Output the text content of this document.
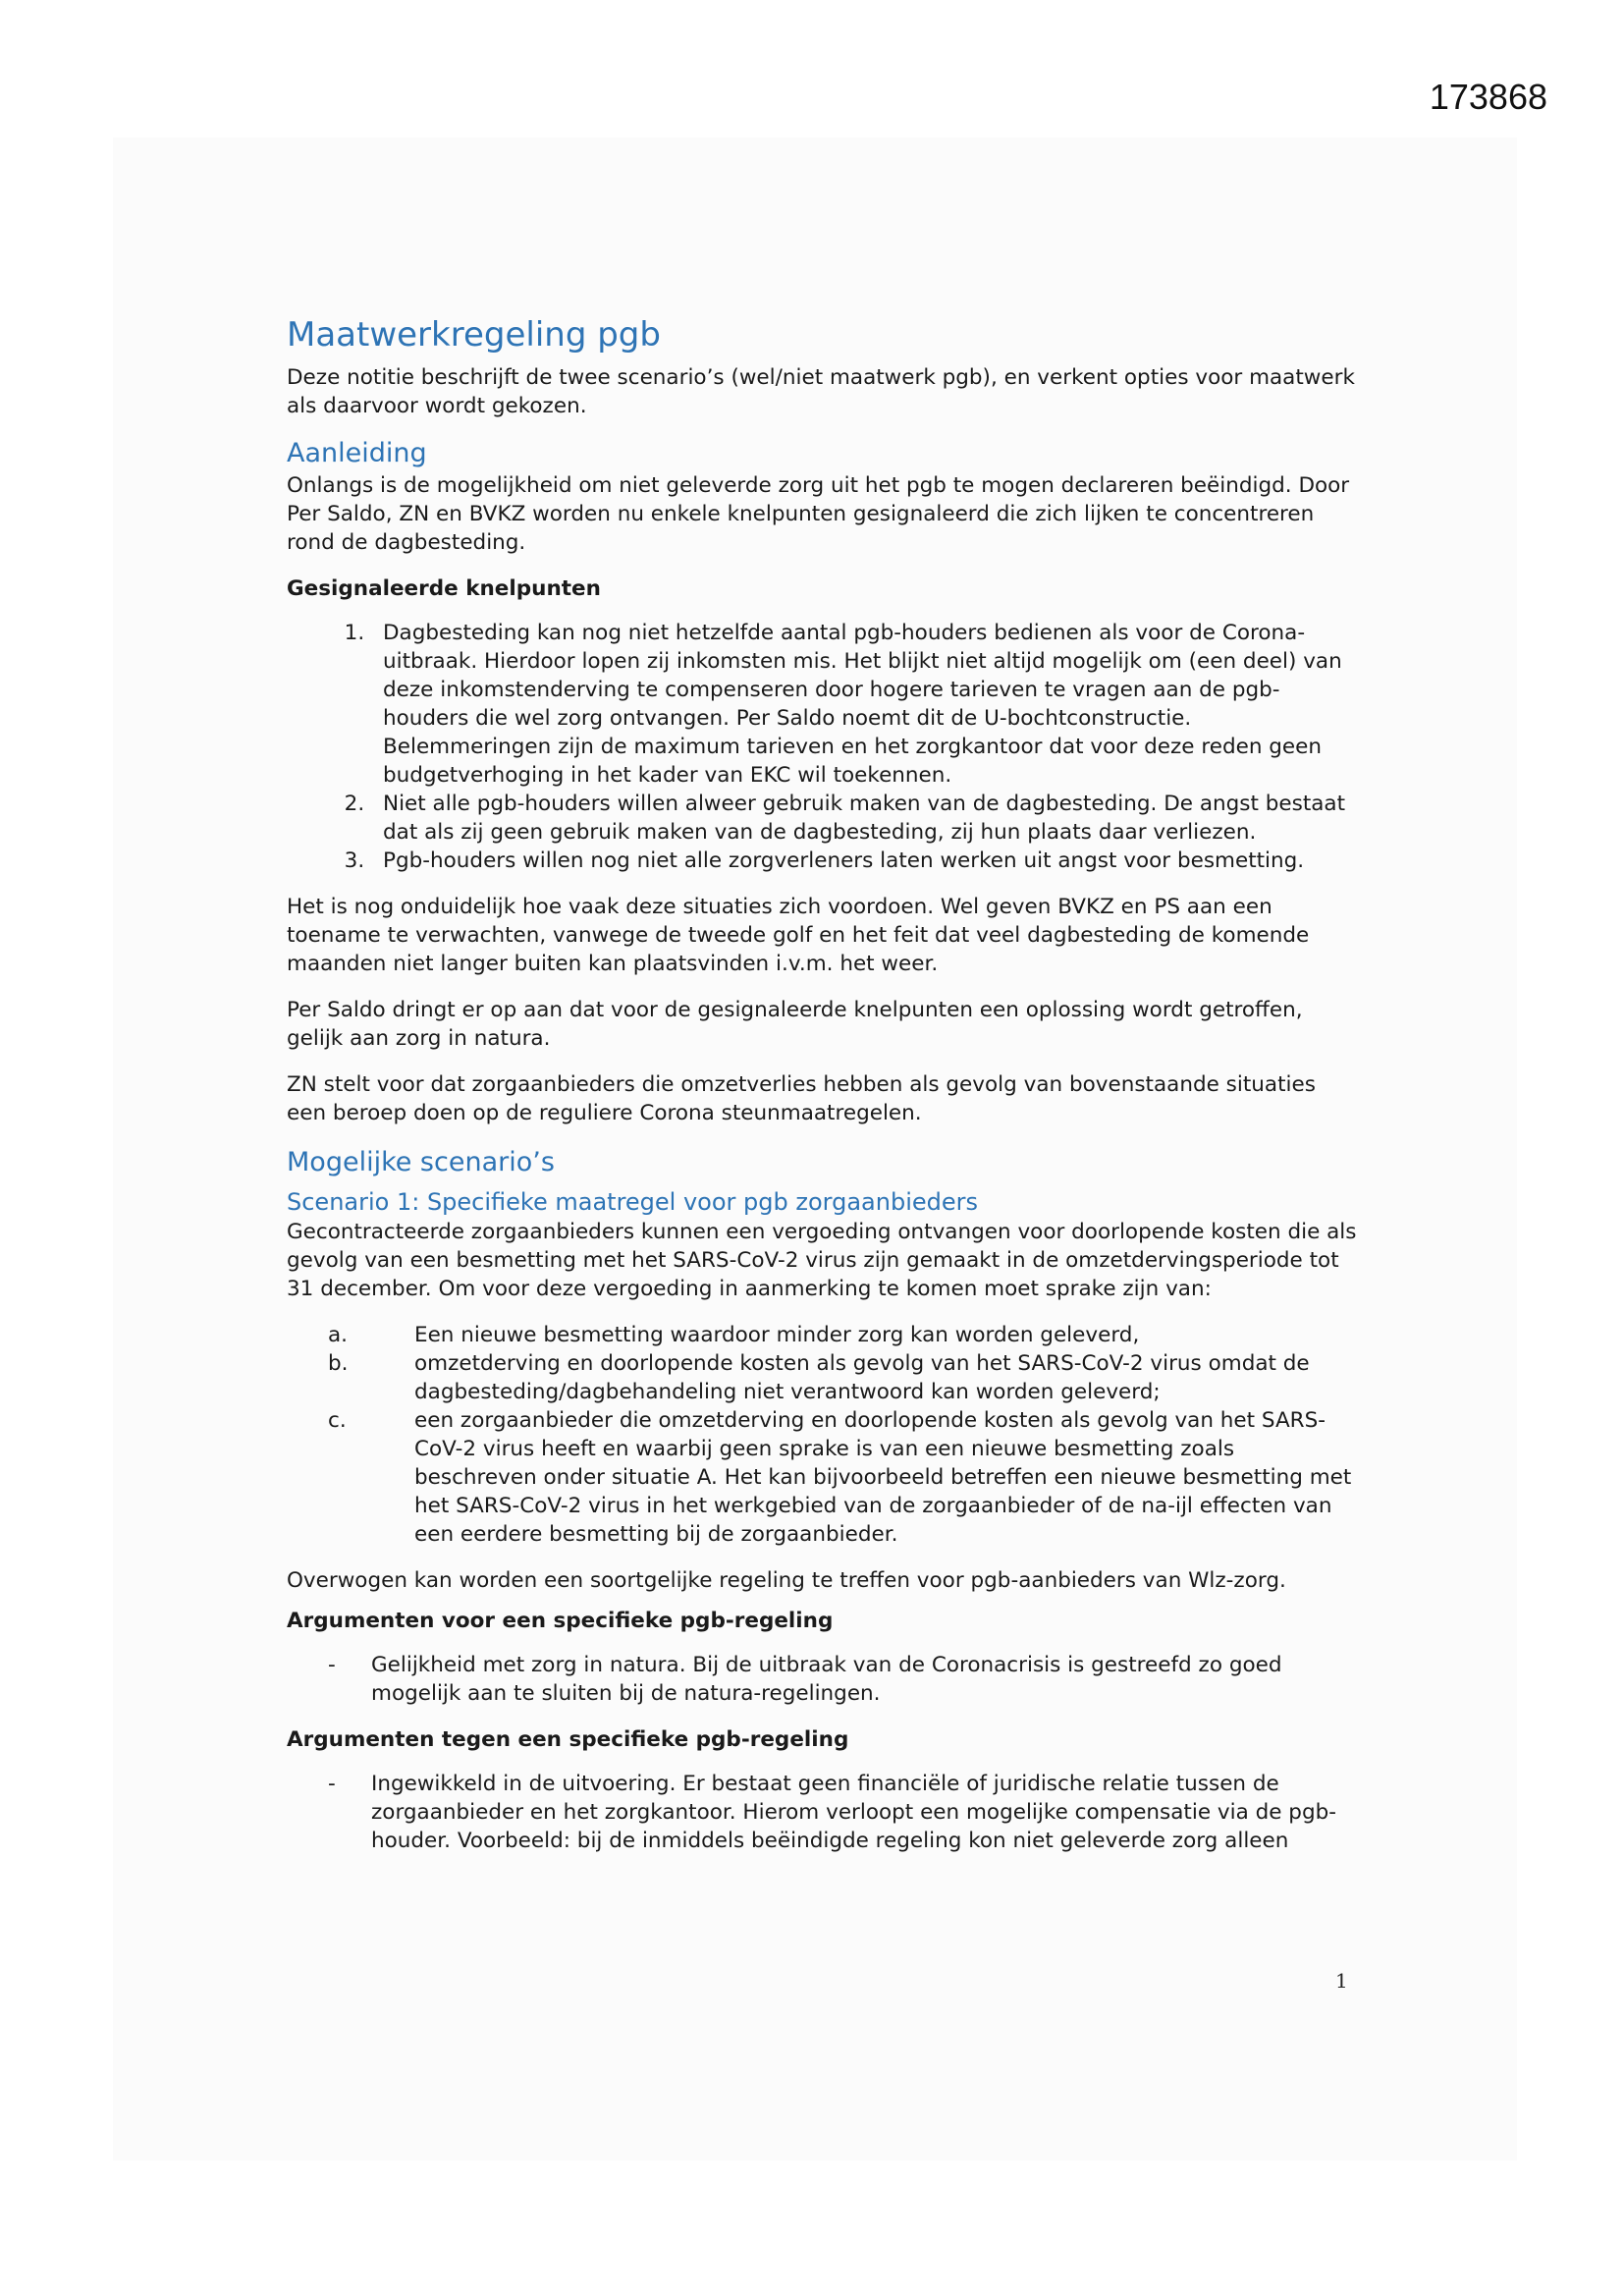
173868
Maatwerkregeling pgb

Deze notitie beschrijft de twee scenario’s (wel/niet maatwerk pgb), en verkent opties voor maatwerk als daarvoor wordt gekozen.

Aanleiding

Onlangs is de mogelijkheid om niet geleverde zorg uit het pgb te mogen declareren beëindigd. Door Per Saldo, ZN en BVKZ worden nu enkele knelpunten gesignaleerd die zich lijken te concentreren rond de dagbesteding.

Gesignaleerde knelpunten
1. Dagbesteding kan nog niet hetzelfde aantal pgb-houders bedienen als voor de Corona-uitbraak. Hierdoor lopen zij inkomsten mis. Het blijkt niet altijd mogelijk om (een deel) van deze inkomstenderving te compenseren door hogere tarieven te vragen aan de pgb-houders die wel zorg ontvangen. Per Saldo noemt dit de U-bochtconstructie. Belemmeringen zijn de maximum tarieven en het zorgkantoor dat voor deze reden geen budgetverhoging in het kader van EKC wil toekennen.
2. Niet alle pgb-houders willen alweer gebruik maken van de dagbesteding. De angst bestaat dat als zij geen gebruik maken van de dagbesteding, zij hun plaats daar verliezen.
3. Pgb-houders willen nog niet alle zorgverleners laten werken uit angst voor besmetting.

Het is nog onduidelijk hoe vaak deze situaties zich voordoen. Wel geven BVKZ en PS aan een toename te verwachten, vanwege de tweede golf en het feit dat veel dagbesteding de komende maanden niet langer buiten kan plaatsvinden i.v.m. het weer.

Per Saldo dringt er op aan dat voor de gesignaleerde knelpunten een oplossing wordt getroffen, gelijk aan zorg in natura.

ZN stelt voor dat zorgaanbieders die omzetverlies hebben als gevolg van bovenstaande situaties een beroep doen op de reguliere Corona steunmaatregelen.

Mogelijke scenario’s
Scenario 1: Specifieke maatregel voor pgb zorgaanbieders

Gecontracteerde zorgaanbieders kunnen een vergoeding ontvangen voor doorlopende kosten die als gevolg van een besmetting met het SARS-CoV-2 virus zijn gemaakt in de omzetdervingsperiode tot 31 december. Om voor deze vergoeding in aanmerking te komen moet sprake zijn van:

a.	Een nieuwe besmetting waardoor minder zorg kan worden geleverd,
b.	omzetderving en doorlopende kosten als gevolg van het SARS-CoV-2 virus omdat de dagbesteding/dagbehandeling niet verantwoord kan worden geleverd;
c.	een zorgaanbieder die omzetderving en doorlopende kosten als gevolg van het SARS-CoV-2 virus heeft en waarbij geen sprake is van een nieuwe besmetting zoals beschreven onder situatie A. Het kan bijvoorbeeld betreffen een nieuwe besmetting met het SARS-CoV-2 virus in het werkgebied van de zorgaanbieder of de na-ijl effecten van een eerdere besmetting bij de zorgaanbieder.

Overwogen kan worden een soortgelijke regeling te treffen voor pgb-aanbieders van Wlz-zorg.

Argumenten voor een specifieke pgb-regeling
-	Gelijkheid met zorg in natura. Bij de uitbraak van de Coronacrisis is gestreefd zo goed mogelijk aan te sluiten bij de natura-regelingen.
Argumenten tegen een specifieke pgb-regeling
-	Ingewikkeld in de uitvoering. Er bestaat geen financiële of juridische relatie tussen de zorgaanbieder en het zorgkantoor. Hierom verloopt een mogelijke compensatie via de pgb-houder. Voorbeeld: bij de inmiddels beëindigde regeling kon niet geleverde zorg alleen
1
